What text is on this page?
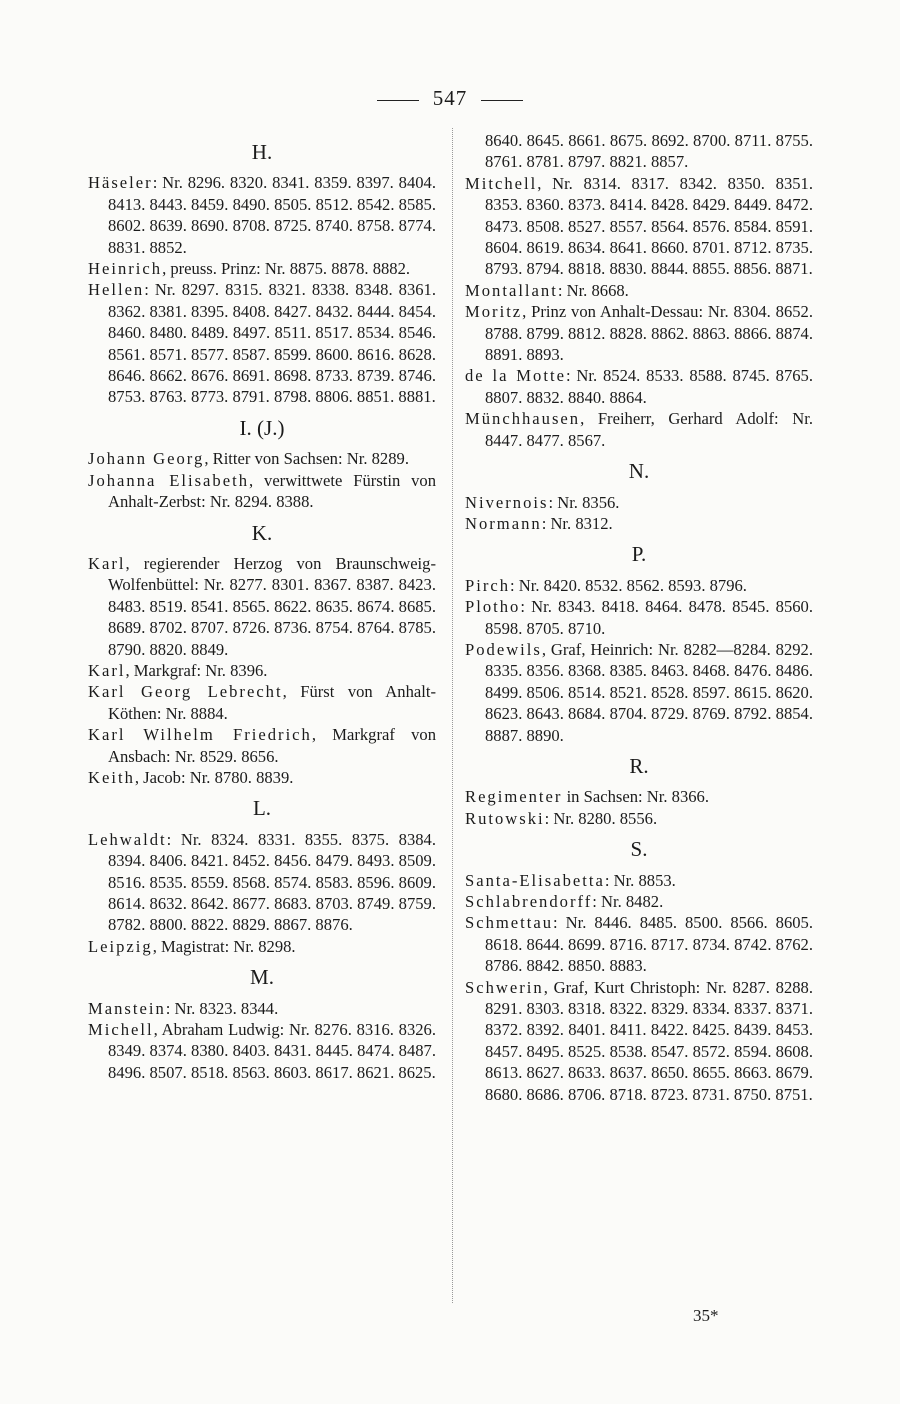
547
H.
Häseler: Nr. 8296. 8320. 8341. 8359. 8397. 8404. 8413. 8443. 8459. 8490. 8505. 8512. 8542. 8585. 8602. 8639. 8690. 8708. 8725. 8740. 8758. 8774. 8831. 8852.
Heinrich, preuss. Prinz: Nr. 8875. 8878. 8882.
Hellen: Nr. 8297. 8315. 8321. 8338. 8348. 8361. 8362. 8381. 8395. 8408. 8427. 8432. 8444. 8454. 8460. 8480. 8489. 8497. 8511. 8517. 8534. 8546. 8561. 8571. 8577. 8587. 8599. 8600. 8616. 8628. 8646. 8662. 8676. 8691. 8698. 8733. 8739. 8746. 8753. 8763. 8773. 8791. 8798. 8806. 8851. 8881.
I. (J.)
Johann Georg, Ritter von Sachsen: Nr. 8289.
Johanna Elisabeth, verwittwete Fürstin von Anhalt-Zerbst: Nr. 8294. 8388.
K.
Karl, regierender Herzog von Braunschweig-Wolfenbüttel: Nr. 8277. 8301. 8367. 8387. 8423. 8483. 8519. 8541. 8565. 8622. 8635. 8674. 8685. 8689. 8702. 8707. 8726. 8736. 8754. 8764. 8785. 8790. 8820. 8849.
Karl, Markgraf: Nr. 8396.
Karl Georg Lebrecht, Fürst von Anhalt-Köthen: Nr. 8884.
Karl Wilhelm Friedrich, Markgraf von Ansbach: Nr. 8529. 8656.
Keith, Jacob: Nr. 8780. 8839.
L.
Lehwaldt: Nr. 8324. 8331. 8355. 8375. 8384. 8394. 8406. 8421. 8452. 8456. 8479. 8493. 8509. 8516. 8535. 8559. 8568. 8574. 8583. 8596. 8609. 8614. 8632. 8642. 8677. 8683. 8703. 8749. 8759. 8782. 8800. 8822. 8829. 8867. 8876.
Leipzig, Magistrat: Nr. 8298.
M.
Manstein: Nr. 8323. 8344.
Michell, Abraham Ludwig: Nr. 8276. 8316. 8326. 8349. 8374. 8380. 8403. 8431. 8445. 8474. 8487. 8496. 8507. 8518. 8563. 8603. 8617. 8621. 8625.
8640. 8645. 8661. 8675. 8692. 8700. 8711. 8755. 8761. 8781. 8797. 8821. 8857.
Mitchell, Nr. 8314. 8317. 8342. 8350. 8351. 8353. 8360. 8373. 8414. 8428. 8429. 8449. 8472. 8473. 8508. 8527. 8557. 8564. 8576. 8584. 8591. 8604. 8619. 8634. 8641. 8660. 8701. 8712. 8735. 8793. 8794. 8818. 8830. 8844. 8855. 8856. 8871.
Montallant: Nr. 8668.
Moritz, Prinz von Anhalt-Dessau: Nr. 8304. 8652. 8788. 8799. 8812. 8828. 8862. 8863. 8866. 8874. 8891. 8893.
de la Motte: Nr. 8524. 8533. 8588. 8745. 8765. 8807. 8832. 8840. 8864.
Münchhausen, Freiherr, Gerhard Adolf: Nr. 8447. 8477. 8567.
N.
Nivernois: Nr. 8356.
Normann: Nr. 8312.
P.
Pirch: Nr. 8420. 8532. 8562. 8593. 8796.
Plotho: Nr. 8343. 8418. 8464. 8478. 8545. 8560. 8598. 8705. 8710.
Podewils, Graf, Heinrich: Nr. 8282—8284. 8292. 8335. 8356. 8368. 8385. 8463. 8468. 8476. 8486. 8499. 8506. 8514. 8521. 8528. 8597. 8615. 8620. 8623. 8643. 8684. 8704. 8729. 8769. 8792. 8854. 8887. 8890.
R.
Regimenter in Sachsen: Nr. 8366.
Rutowski: Nr. 8280. 8556.
S.
Santa-Elisabetta: Nr. 8853.
Schlabrendorff: Nr. 8482.
Schmettau: Nr. 8446. 8485. 8500. 8566. 8605. 8618. 8644. 8699. 8716. 8717. 8734. 8742. 8762. 8786. 8842. 8850. 8883.
Schwerin, Graf, Kurt Christoph: Nr. 8287. 8288. 8291. 8303. 8318. 8322. 8329. 8334. 8337. 8371. 8372. 8392. 8401. 8411. 8422. 8425. 8439. 8453. 8457. 8495. 8525. 8538. 8547. 8572. 8594. 8608. 8613. 8627. 8633. 8637. 8650. 8655. 8663. 8679. 8680. 8686. 8706. 8718. 8723. 8731. 8750. 8751.
35*
